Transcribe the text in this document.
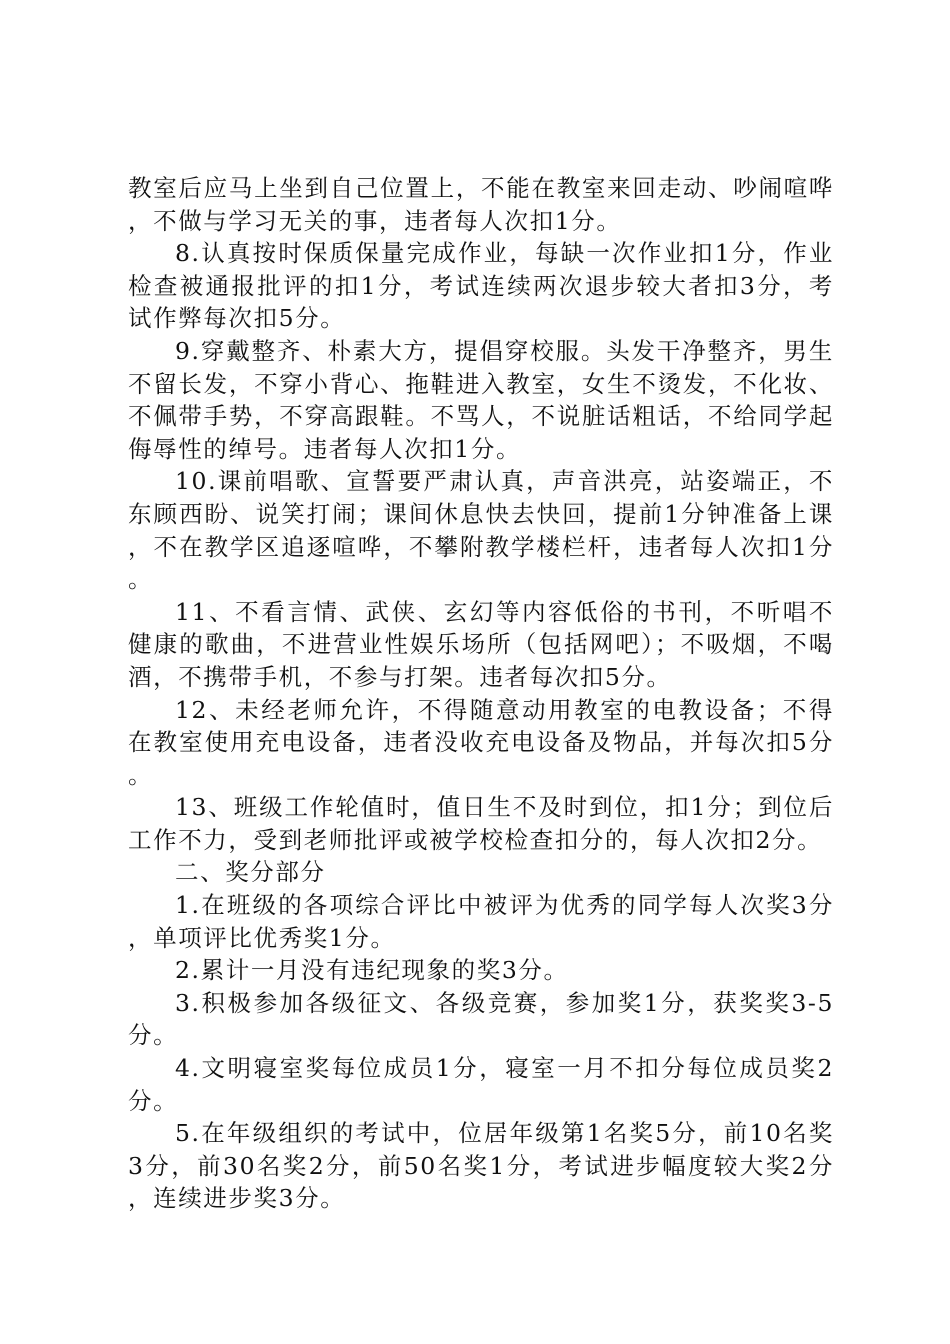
教室后应马上坐到自己位置上，不能在教室来回走动、吵闹喧哗，不做与学习无关的事，违者每人次扣1分。

8.认真按时保质保量完成作业，每缺一次作业扣1分，作业检查被通报批评的扣1分，考试连续两次退步较大者扣3分，考试作弊每次扣5分。

9.穿戴整齐、朴素大方，提倡穿校服。头发干净整齐，男生不留长发，不穿小背心、拖鞋进入教室，女生不烫发，不化妆、不佩带手势，不穿高跟鞋。不骂人，不说脏话粗话，不给同学起侮辱性的绰号。违者每人次扣1分。

10.课前唱歌、宣誓要严肃认真，声音洪亮，站姿端正，不东顾西盼、说笑打闹；课间休息快去快回，提前1分钟准备上课，不在教学区追逐喧哗，不攀附教学楼栏杆，违者每人次扣1分。

11、不看言情、武侠、玄幻等内容低俗的书刊，不听唱不健康的歌曲，不进营业性娱乐场所（包括网吧）；不吸烟，不喝酒，不携带手机，不参与打架。违者每次扣5分。

12、未经老师允许，不得随意动用教室的电教设备；不得在教室使用充电设备，违者没收充电设备及物品，并每次扣5分。

13、班级工作轮值时，值日生不及时到位，扣1分；到位后工作不力，受到老师批评或被学校检查扣分的，每人次扣2分。

二、奖分部分

1.在班级的各项综合评比中被评为优秀的同学每人次奖3分，单项评比优秀奖1分。

2.累计一月没有违纪现象的奖3分。

3.积极参加各级征文、各级竞赛，参加奖1分，获奖奖3-5分。

4.文明寝室奖每位成员1分，寝室一月不扣分每位成员奖2分。

5.在年级组织的考试中，位居年级第1名奖5分，前10名奖3分，前30名奖2分，前50名奖1分，考试进步幅度较大奖2分，连续进步奖3分。
